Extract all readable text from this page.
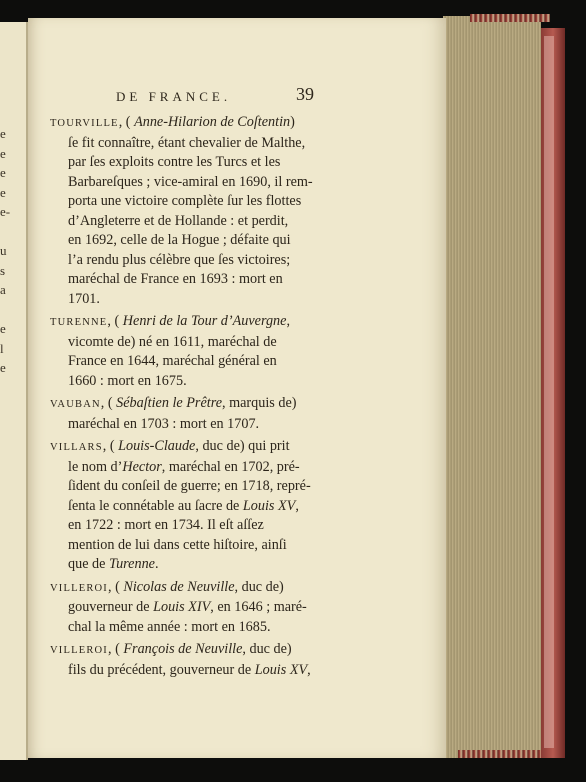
e
e
e
e
e-
u
s
a
e
l
e
DE FRANCE.	39
TOURVILLE, ( Anne-Hilarion de Coſtentin)
ſe fit connaître, étant chevalier de Malthe,
par ſes exploits contre les Turcs et les
Barbareſques ; vice-amiral en 1690, il rem-
porta une victoire complète ſur les flottes
d’Angleterre et de Hollande : et perdit,
en 1692, celle de la Hogue ; défaite qui
l’a rendu plus célèbre que ſes victoires;
maréchal de France en 1693 : mort en
1701.
TURENNE, ( Henri de la Tour d’Auvergne,
vicomte de) né en 1611, maréchal de
France en 1644, maréchal général en
1660 : mort en 1675.
VAUBAN, ( Sébaſtien le Prêtre, marquis de)
maréchal en 1703 : mort en 1707.
VILLARS, ( Louis-Claude, duc de) qui prit
le nom d’Hector, maréchal en 1702, pré-
ſident du conſeil de guerre; en 1718, repré-
ſenta le connétable au ſacre de Louis XV,
en 1722 : mort en 1734. Il eſt aſſez
mention de lui dans cette hiſtoire, ainſi
que de Turenne.
VILLEROI, ( Nicolas de Neuville, duc de)
gouverneur de Louis XIV, en 1646 ; maré-
chal la même année : mort en 1685.
VILLEROI, ( François de Neuville, duc de)
fils du précédent, gouverneur de Louis XV,
